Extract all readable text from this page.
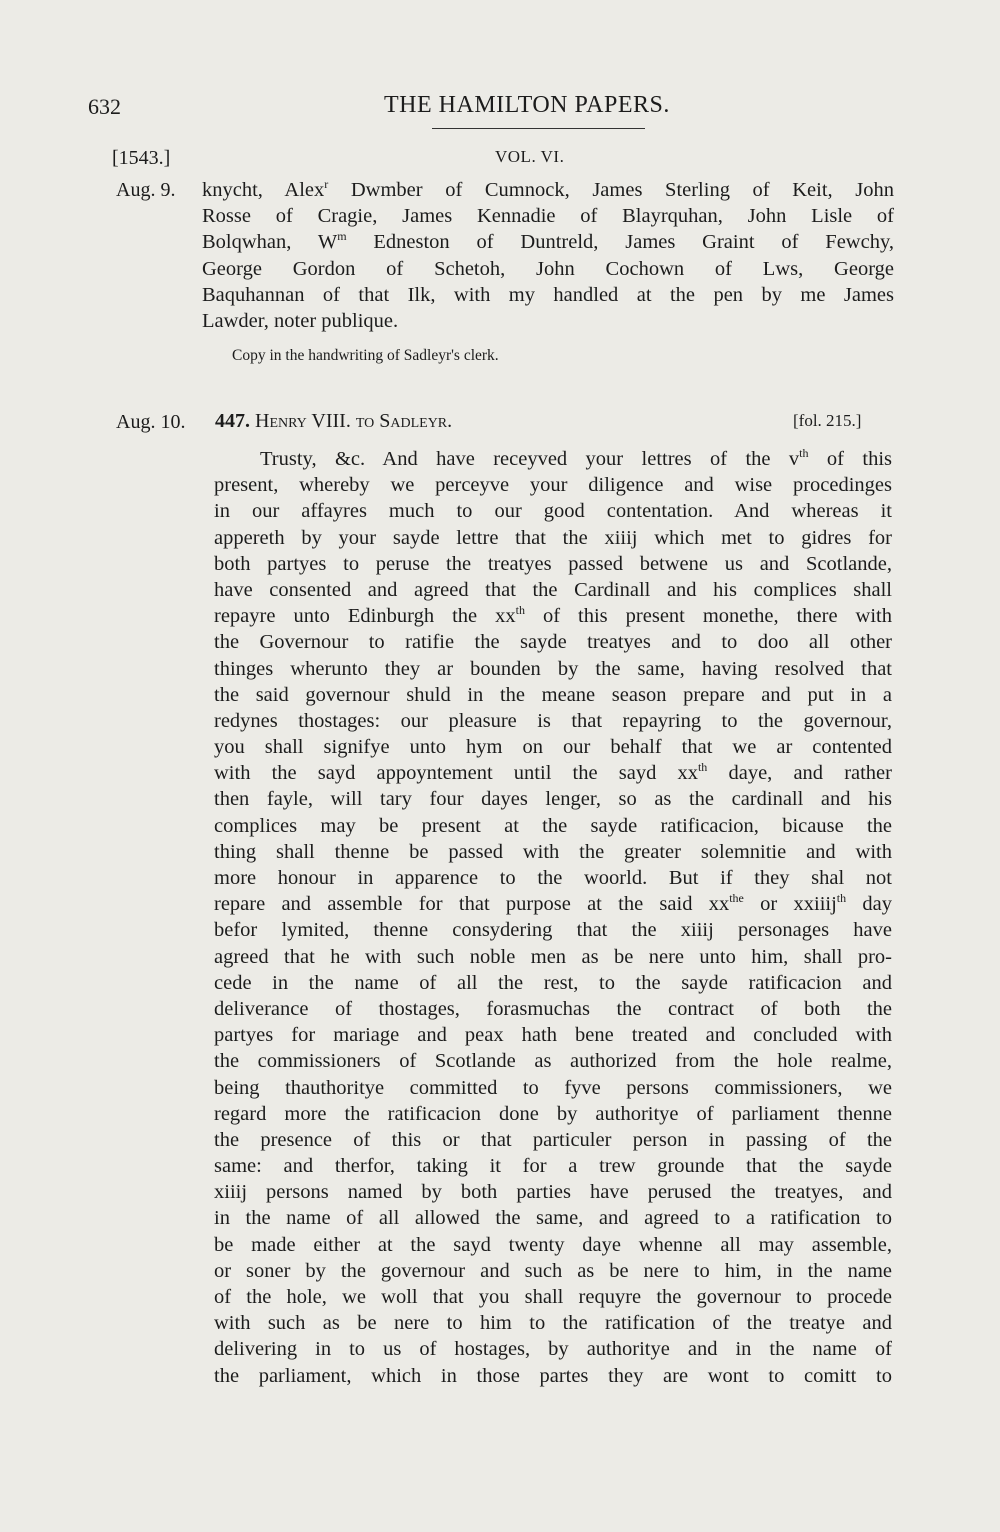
632	THE HAMILTON PAPERS.
[1543.]	VOL. VI.
Aug. 9.
Aug. 10.
knycht, Alex$^r$ Dwmber of Cumnock, James Sterling of Keit, John
Rosse of Cragie, James Kennadie of Blayrquhan, John Lisle of
Bolqwhan, $W^m$ Edneston of Duntreld, James Graint of Fewchy,
George Gordon of Schetoh, John Cochown of Lws, George
Baquhannan of that Ilk, with my handled at the pen by me James
Lawder, noter publique.
Copy in the handwriting of Sadleyr's clerk.
447. Henry VIII. to Sadleyr.	[fol. 215.]
Trusty, &c. And have receyved your lettres of the $v^{th}$ of this
present, whereby we perceyve your diligence and wise procedinges
in our affayres much to our good contentation. And whereas it
appereth by your sayde lettre that the xiiij which met to gidres for
both partyes to peruse the treatyes passed betwene us and Scotlande,
have consented and agreed that the Cardinall and his complices shall
repayre unto Edinburgh the $xx^{th}$ of this present monethe, there with
the Governour to ratifie the sayde treatyes and to doo all other
thinges wherunto they ar bounden by the same, having resolved that
the said governour shuld in the meane season prepare and put in a
redynes thostages: our pleasure is that repayring to the governour,
you shall signifye unto hym on our behalf that we ar contented
with the sayd appoyntement until the sayd $xx^{th}$ daye, and rather
then fayle, will tary four dayes lenger, so as the cardinall and his
complices may be present at the sayde ratificacion, bicause the
thing shall thenne be passed with the greater solemnitie and with
more honour in apparence to the woorld. But if they shal not
repare and assemble for that purpose at the said $xx^{the}$ or xxiiij$^{th}$ day
befor lymited, thenne consydering that the xiiij personages have
agreed that he with such noble men as be nere unto him, shall pro-
cede in the name of all the rest, to the sayde ratificacion and
deliverance of thostages, forasmuchas the contract of both the
partyes for mariage and peax hath bene treated and concluded with
the commissioners of Scotlande as authorized from the hole realme,
being thauthoritye committed to fyve persons commissioners, we
regard more the ratificacion done by authoritye of parliament thenne
the presence of this or that particuler person in passing of the
same: and therfor, taking it for a trew grounde that the sayde
xiiij persons named by both parties have perused the treatyes, and
in the name of all allowed the same, and agreed to a ratification to
be made either at the sayd twenty daye whenne all may assemble,
or soner by the governour and such as be nere to him, in the name
of the hole, we woll that you shall requyre the governour to procede
with such as be nere to him to the ratification of the treatye and
delivering in to us of hostages, by authoritye and in the name of
the parliament, which in those partes they are wont to comitt to
